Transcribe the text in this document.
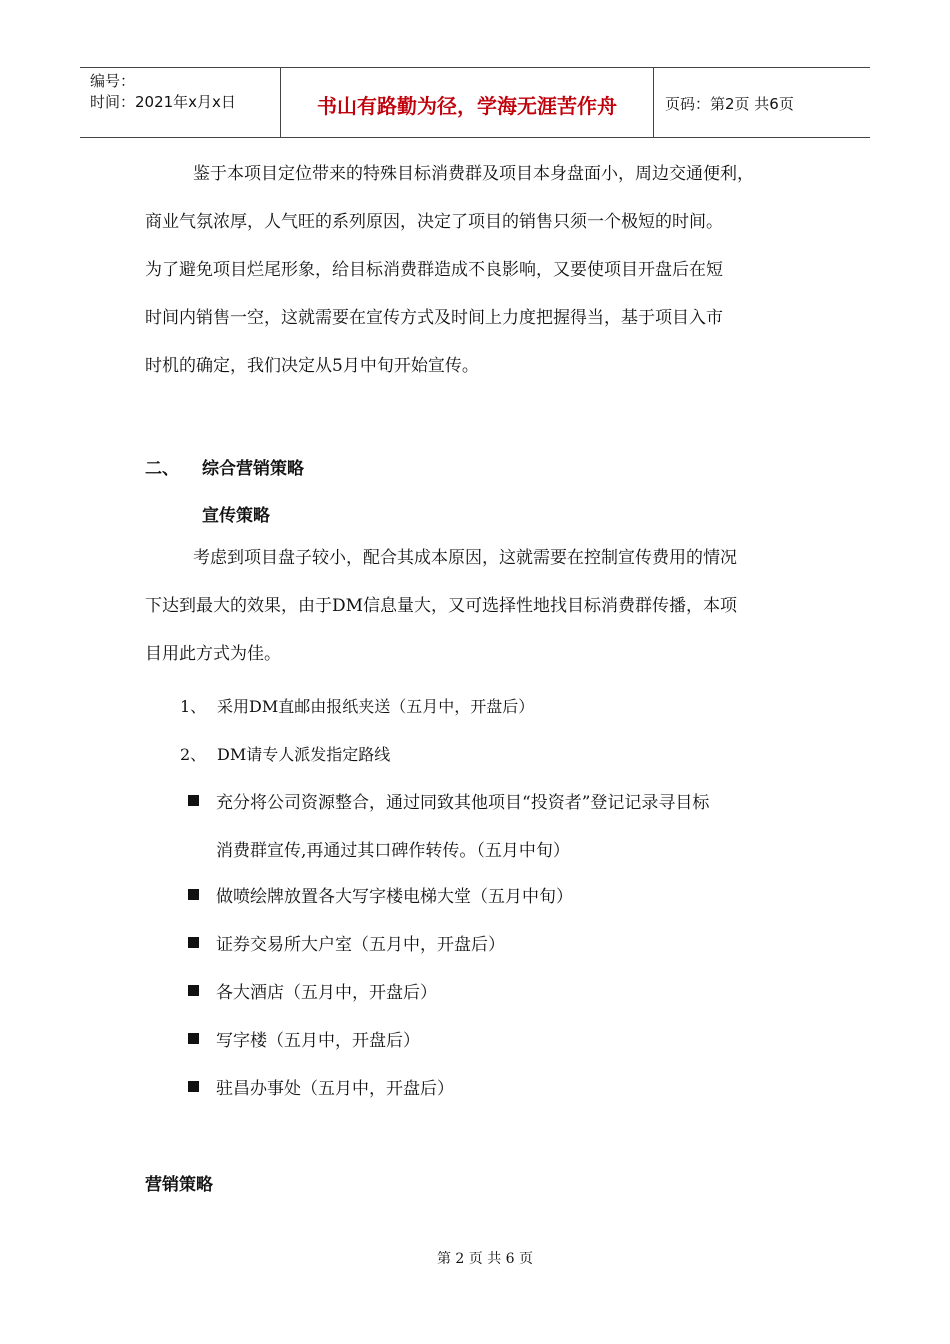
编号：
时间：2021年x月x日	书山有路勤为径，学海无涯苦作舟	页码：第2页 共6页
鉴于本项目定位带来的特殊目标消费群及项目本身盘面小，周边交通便利，
商业气氛浓厚，人气旺的系列原因，决定了项目的销售只须一个极短的时间。
为了避免项目烂尾形象，给目标消费群造成不良影响，又要使项目开盘后在短
时间内销售一空，这就需要在宣传方式及时间上力度把握得当，基于项目入市
时机的确定，我们决定从5月中旬开始宣传。
二、 综合营销策略
宣传策略
考虑到项目盘子较小，配合其成本原因，这就需要在控制宣传费用的情况
下达到最大的效果，由于DM信息量大，又可选择性地找目标消费群传播，本项
目用此方式为佳。
1、 采用DM直邮由报纸夹送（五月中，开盘后）
2、 DM请专人派发指定路线
充分将公司资源整合，通过同致其他项目“投资者”登记记录寻目标
消费群宣传,再通过其口碑作转传。（五月中旬）
做喷绘牌放置各大写字楼电梯大堂（五月中旬）
证券交易所大户室（五月中，开盘后）
各大酒店（五月中，开盘后）
写字楼（五月中，开盘后）
驻昌办事处（五月中，开盘后）
营销策略
第 2 页 共 6 页
